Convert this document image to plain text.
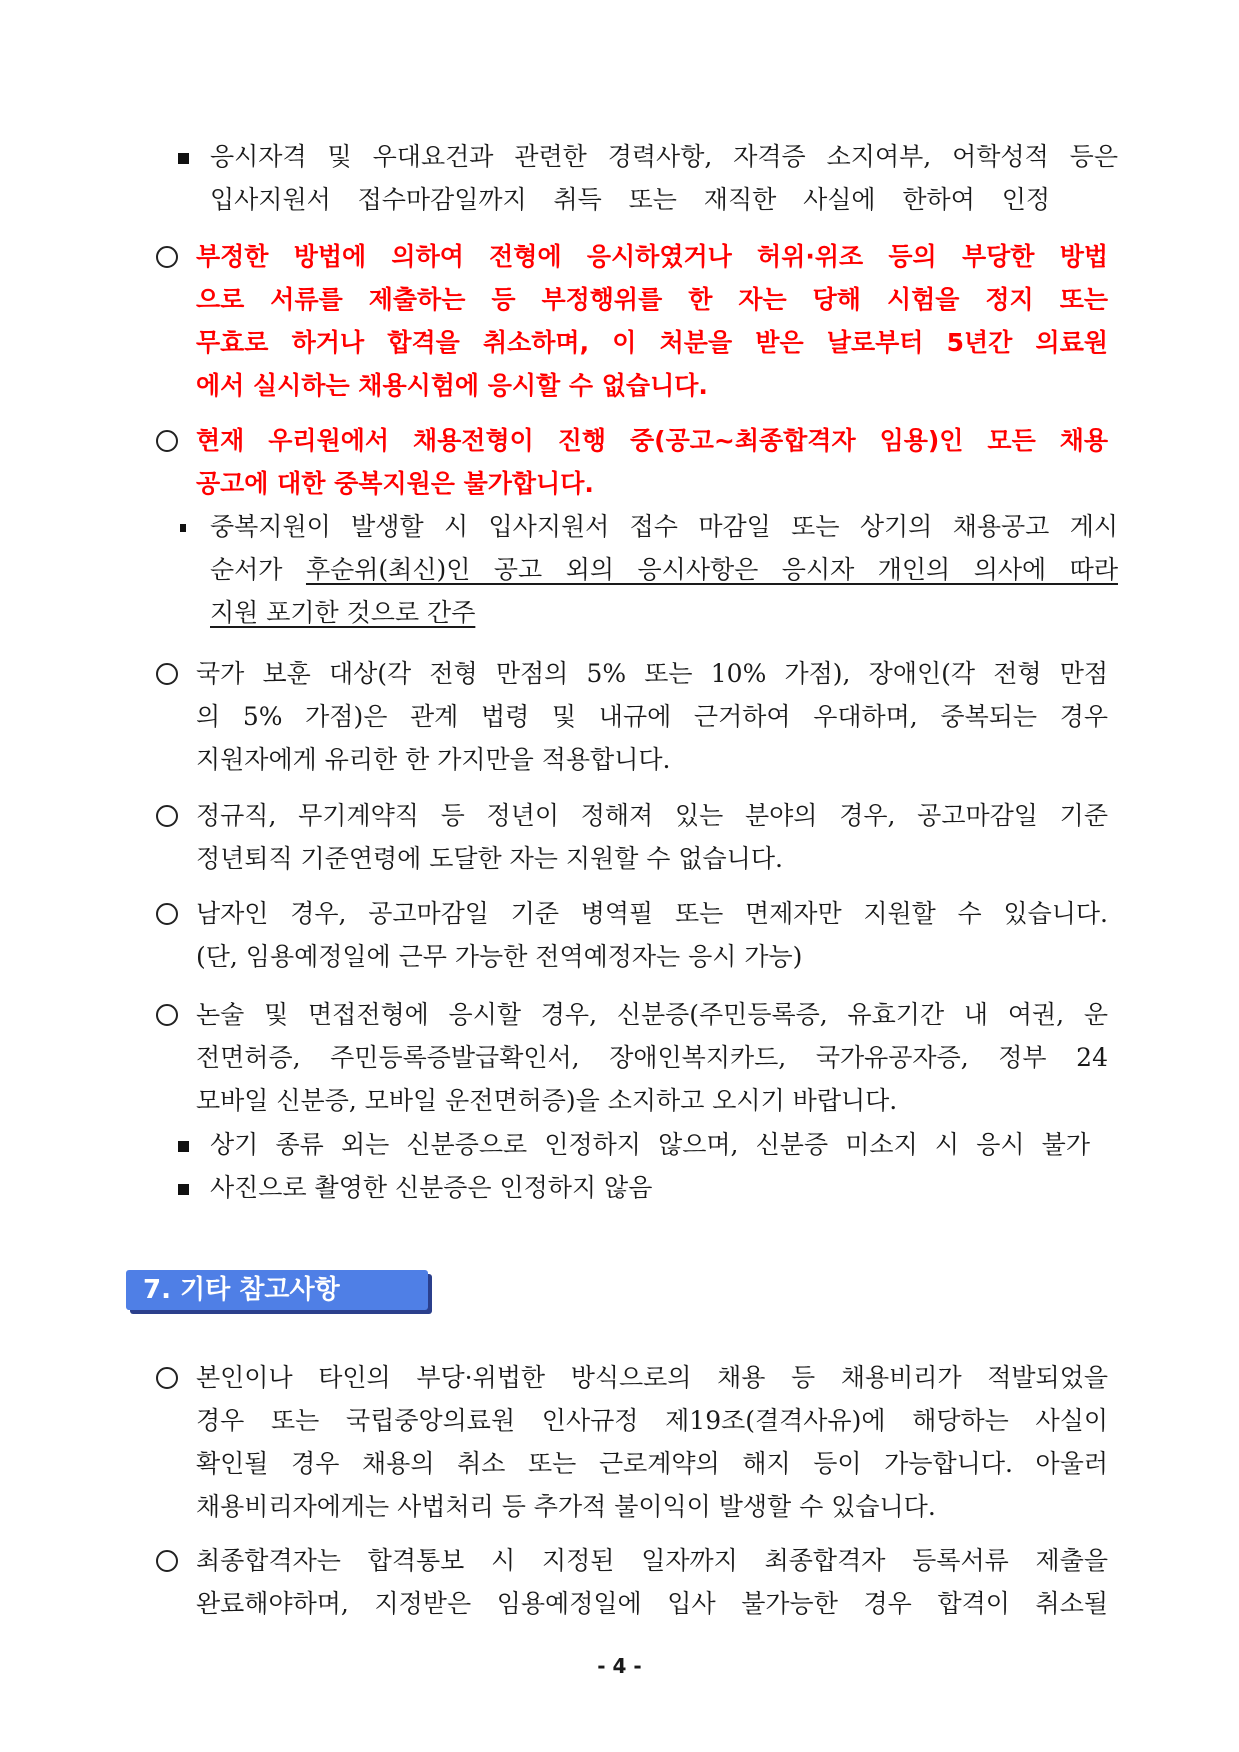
응시자격 및 우대요건과 관련한 경력사항, 자격증 소지여부, 어학성적 등은
입사지원서 접수마감일까지 취득 또는 재직한 사실에 한하여 인정
부정한 방법에 의하여 전형에 응시하였거나 허위·위조 등의 부당한 방법
으로 서류를 제출하는 등 부정행위를 한 자는 당해 시험을 정지 또는
무효로 하거나 합격을 취소하며, 이 처분을 받은 날로부터 5년간 의료원
에서 실시하는 채용시험에 응시할 수 없습니다.
현재 우리원에서 채용전형이 진행 중(공고~최종합격자 임용)인 모든 채용
공고에 대한 중복지원은 불가합니다.
중복지원이 발생할 시 입사지원서 접수 마감일 또는 상기의 채용공고 게시
순서가 후순위(최신)인 공고 외의 응시사항은 응시자 개인의 의사에 따라
지원 포기한 것으로 간주
국가 보훈 대상(각 전형 만점의 5% 또는 10% 가점), 장애인(각 전형 만점
의 5% 가점)은 관계 법령 및 내규에 근거하여 우대하며, 중복되는 경우
지원자에게 유리한 한 가지만을 적용합니다.
정규직, 무기계약직 등 정년이 정해져 있는 분야의 경우, 공고마감일 기준
정년퇴직 기준연령에 도달한 자는 지원할 수 없습니다.
남자인 경우, 공고마감일 기준 병역필 또는 면제자만 지원할 수 있습니다.
(단, 임용예정일에 근무 가능한 전역예정자는 응시 가능)
논술 및 면접전형에 응시할 경우, 신분증(주민등록증, 유효기간 내 여권, 운
전면허증, 주민등록증발급확인서, 장애인복지카드, 국가유공자증, 정부 24
모바일 신분증, 모바일 운전면허증)을 소지하고 오시기 바랍니다.
상기 종류 외는 신분증으로 인정하지 않으며, 신분증 미소지 시 응시 불가
사진으로 촬영한 신분증은 인정하지 않음
7. 기타 참고사항
본인이나 타인의 부당·위법한 방식으로의 채용 등 채용비리가 적발되었을
경우 또는 국립중앙의료원 인사규정 제19조(결격사유)에 해당하는 사실이
확인될 경우 채용의 취소 또는 근로계약의 해지 등이 가능합니다. 아울러
채용비리자에게는 사법처리 등 추가적 불이익이 발생할 수 있습니다.
최종합격자는 합격통보 시 지정된 일자까지 최종합격자 등록서류 제출을
완료해야하며, 지정받은 임용예정일에 입사 불가능한 경우 합격이 취소될
- 4 -
